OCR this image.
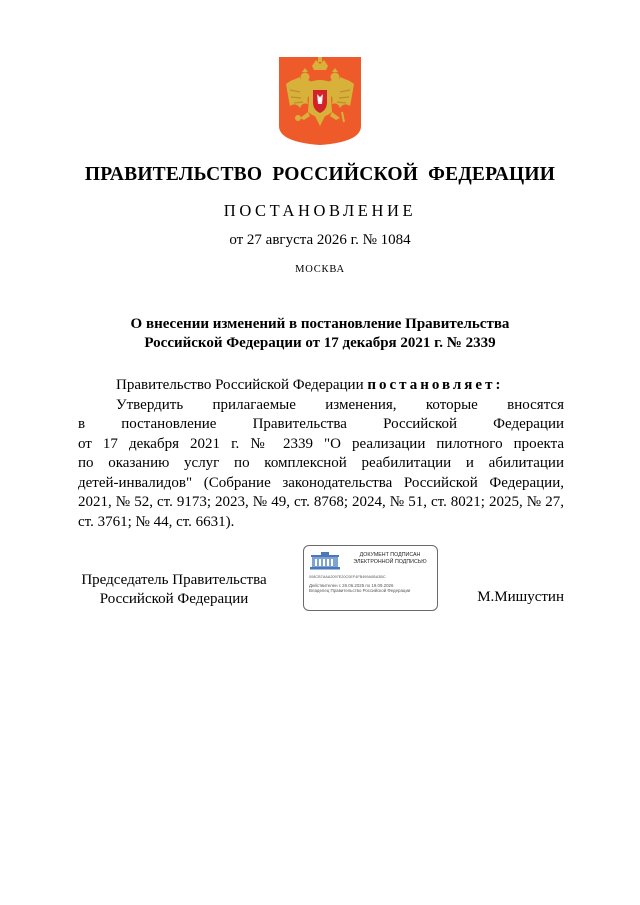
ПРАВИТЕЛЬСТВО РОССИЙСКОЙ ФЕДЕРАЦИИ
ПОСТАНОВЛЕНИЕ
от 27 августа 2026 г. № 1084
МОСКВА
О внесении изменений в постановление Правительства
Российской Федерации от 17 декабря 2021 г. № 2339
Правительство Российской Федерации постановляет:
Утвердить прилагаемые изменения, которые вносятся
в постановление Правительства Российской Федерации
от 17 декабря 2021 г. № 2339 "О реализации пилотного проекта
по оказанию услуг по комплексной реабилитации и абилитации
детей-инвалидов" (Собрание законодательства Российской Федерации,
2021, № 52, ст. 9173; 2023, № 49, ст. 8768; 2024, № 51, ст. 8021; 2025, № 27,
ст. 3761; № 44, ст. 6631).
Председатель Правительства
Российской Федерации
ДОКУМЕНТ ПОДПИСАН
ЭЛЕКТРОННОЙ ПОДПИСЬЮ
008CB7AAA2097E20C0EF4FB499A0BA3BC
Действителен с 26.06.2025 по 19.09.2026
Владелец Правительство Российской Федерации	М.Мишустин
